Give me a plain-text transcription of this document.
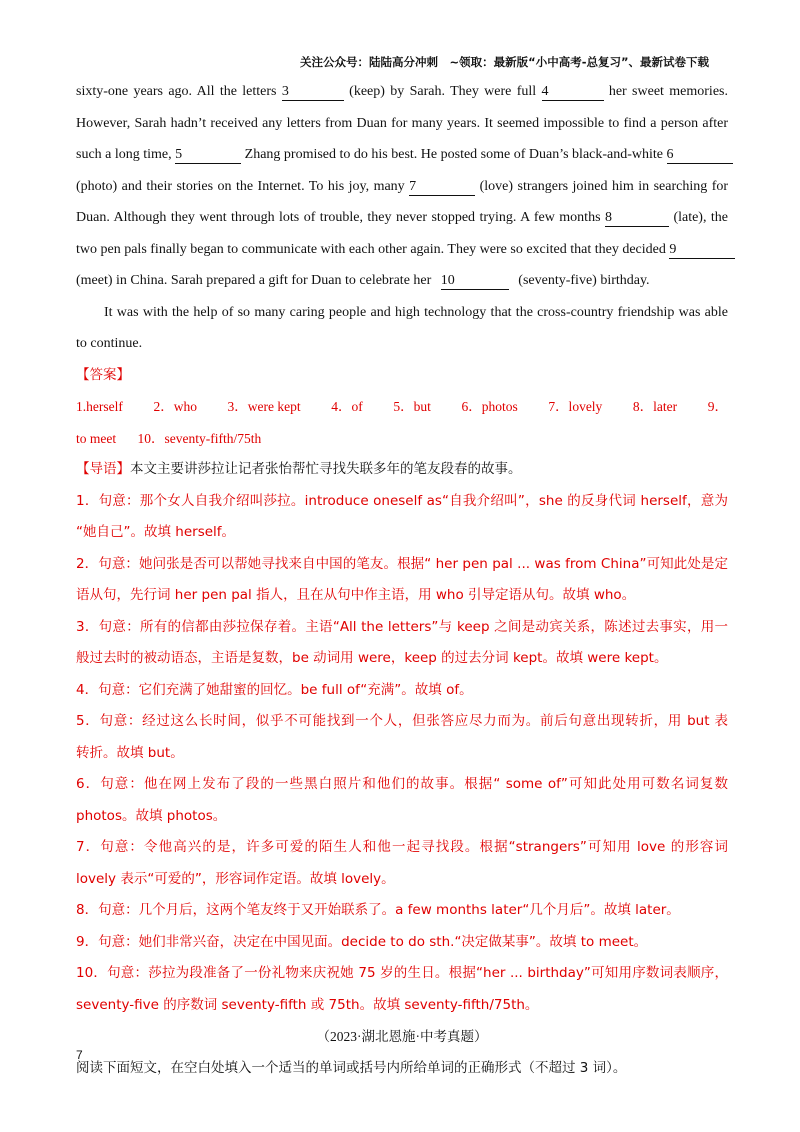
关注公众号：陆陆高分冲刺　~领取：最新版“小中高考-总复习”、最新试卷下载
sixty-one years ago. All the letters 3	(keep) by Sarah. They were full 4	her sweet memories.
However, Sarah hadn’t received any letters from Duan for many years. It seemed impossible to find a person after
such a long time, 5	Zhang promised to do his best. He posted some of Duan’s black-and-white 6
(photo) and their stories on the Internet. To his joy, many 7	(love) strangers joined him in searching for
Duan. Although they went through lots of trouble, they never stopped trying. A few months 8	(late), the
two pen pals finally began to communicate with each other again. They were so excited that they decided 9
(meet) in China. Sarah prepared a gift for Duan to celebrate her 10	(seventy-five) birthday.
It was with the help of so many caring people and high technology that the cross-country friendship was able
to continue.
【答案】
1.herself 2．who 3．were kept 4．of 5．but 6．photos 7．lovely 8．later 9．
to meet 10．seventy-fifth/75th
【导语】本文主要讲莎拉让记者张怡帮忙寻找失联多年的笔友段春的故事。
1．句意：那个女人自我介绍叫莎拉。introduce oneself as“自我介绍叫”，she 的反身代词 herself，意为
“她自己”。故填 herself。
2．句意：她问张是否可以帮她寻找来自中国的笔友。根据“ her pen pal ... was from China”可知此处是定
语从句，先行词 her pen pal 指人，且在从句中作主语，用 who 引导定语从句。故填 who。
3．句意：所有的信都由莎拉保存着。主语“All the letters”与 keep 之间是动宾关系，陈述过去事实，用一
般过去时的被动语态，主语是复数，be 动词用 were，keep 的过去分词 kept。故填 were kept。
4．句意：它们充满了她甜蜜的回忆。be full of“充满”。故填 of。
5．句意：经过这么长时间，似乎不可能找到一个人，但张答应尽力而为。前后句意出现转折，用 but 表
转折。故填 but。
6．句意：他在网上发布了段的一些黑白照片和他们的故事。根据“ some of”可知此处用可数名词复数
photos。故填 photos。
7．句意：令他高兴的是，许多可爱的陌生人和他一起寻找段。根据“strangers”可知用 love 的形容词
lovely 表示“可爱的”，形容词作定语。故填 lovely。
8．句意：几个月后，这两个笔友终于又开始联系了。a few months later“几个月后”。故填 later。
9．句意：她们非常兴奋，决定在中国见面。decide to do sth.“决定做某事”。故填 to meet。
10．句意：莎拉为段准备了一份礼物来庆祝她 75 岁的生日。根据“her ... birthday”可知用序数词表顺序，
seventy-five 的序数词 seventy-fifth 或 75th。故填 seventy-fifth/75th。
（2023·湖北恩施·中考真题）
阅读下面短文，在空白处填入一个适当的单词或括号内所给单词的正确形式（不超过 3 词）。
7
